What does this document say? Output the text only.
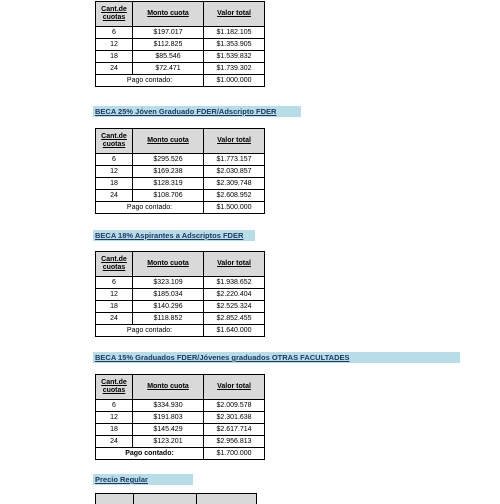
Cant.de cuotas	Monto cuota	Valor total
6	$197.017	$1.182.105
12	$112.825	$1.353.905
18	$85.546	$1.539.832
24	$72.471	$1.739.302
Pago contado:		$1.000.000
BECA 25% Jóven Graduado FDER/Adscripto FDER
Cant.de cuotas	Monto cuota	Valor total
6	$295.526	$1.773.157
12	$169.238	$2.030.857
18	$128.319	$2.309.748
24	$108.706	$2.608.952
Pago contado:		$1.500.000
BECA 18% Aspirantes a Adscriptos FDER
Cant.de cuotas	Monto cuota	Valor total
6	$323.109	$1.938.652
12	$185.034	$2.220.404
18	$140.296	$2.525.324
24	$118.852	$2.852.455
Pago contado:		$1.640.000
BECA 15% Graduados FDER/Jóvenes graduados OTRAS FACULTADES
Cant.de cuotas	Monto cuota	Valor total
6	$334.930	$2.009.578
12	$191.803	$2.301.638
18	$145.429	$2.617.714
24	$123.201	$2.956.813
Pago contado:		$1.700.000
Precio Regular
